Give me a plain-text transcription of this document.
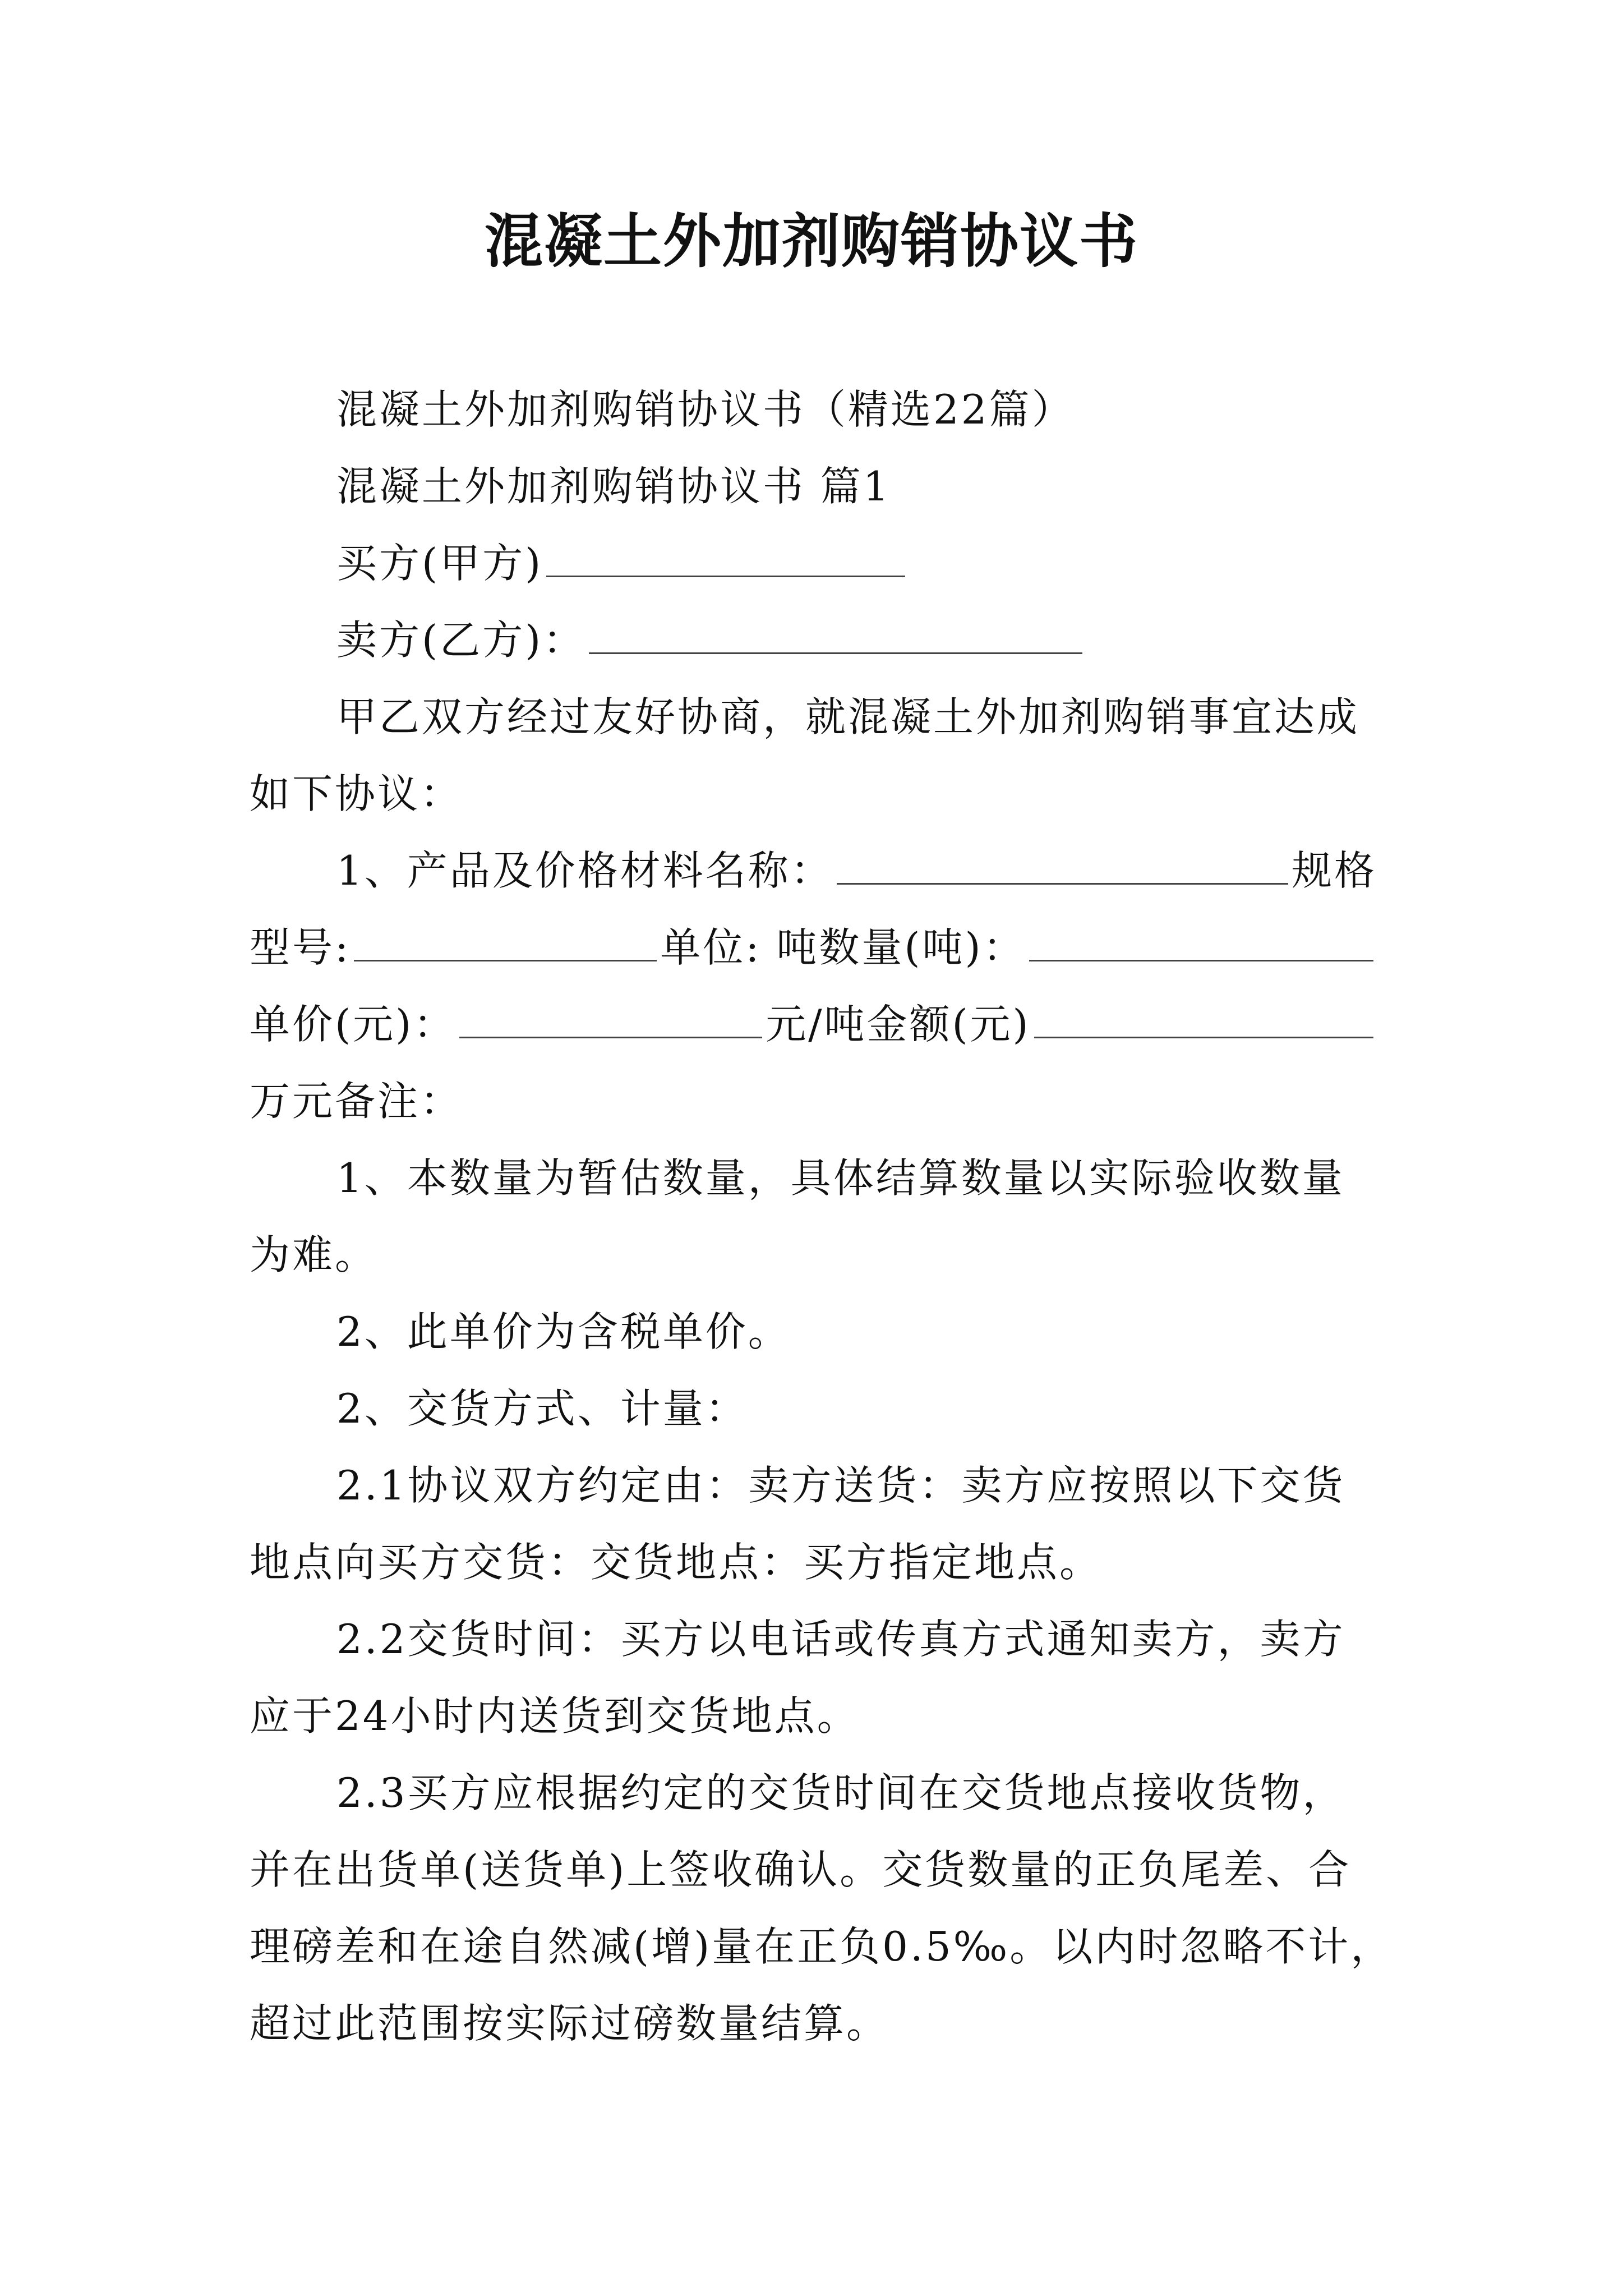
混凝土外加剂购销协议书
混凝土外加剂购销协议书（精选22篇）
混凝土外加剂购销协议书 篇1
买方(甲方)
卖方(乙方)：
甲乙双方经过友好协商，就混凝土外加剂购销事宜达成
如下协议：
1、产品及价格材料名称：	规格
型号:	单位: 吨数量(吨)：
单价(元)：	元/吨金额(元)
万元备注：
1、本数量为暂估数量，具体结算数量以实际验收数量
为难。
2、此单价为含税单价。
2、交货方式、计量：
2.1协议双方约定由：卖方送货：卖方应按照以下交货
地点向买方交货：交货地点：买方指定地点。
2.2交货时间：买方以电话或传真方式通知卖方，卖方
应于24小时内送货到交货地点。
2.3买方应根据约定的交货时间在交货地点接收货物，
并在出货单(送货单)上签收确认。交货数量的正负尾差、合
理磅差和在途自然减(增)量在正负0.5‰。以内时忽略不计，
超过此范围按实际过磅数量结算。
